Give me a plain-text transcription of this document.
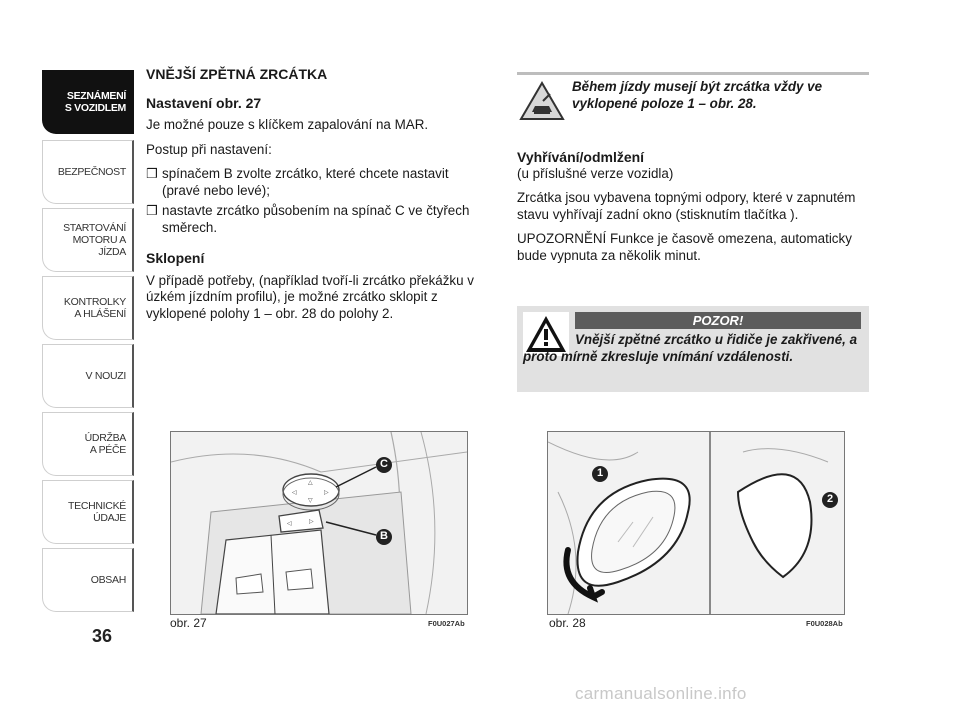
SEZNÁMENÍ
S VOZIDLEM
BEZPEČNOST
STARTOVÁNÍ
MOTORU A JÍZDA
KONTROLKY
A HLÁŠENÍ
V NOUZI
ÚDRŽBA
A PÉČE
TECHNICKÉ
ÚDAJE
OBSAH
36
VNĚJŠÍ ZPĚTNÁ ZRCÁTKA
Nastavení obr. 27
Je možné pouze s klíčkem zapalování na MAR.
Postup při nastavení:
❒ spínačem B zvolte zrcátko, které chcete nastavit (pravé nebo levé);
❒ nastavte zrcátko působením na spínač C ve čtyřech směrech.
Sklopení
V případě potřeby, (například tvoří-li zrcátko překážku v úzkém jízdním profilu), je možné zrcátko sklopit z vyklopené polohy 1 – obr. 28 do polohy 2.
Během jízdy musejí být zrcátka vždy ve vyklopené poloze 1 – obr. 28.
Vyhřívání/odmlžení
(u příslušné verze vozidla)
Zrcátka jsou vybavena topnými odpory, které v zapnutém stavu vyhřívají zadní okno (stisknutím tlačítka ).
UPOZORNĚNÍ Funkce je časově omezena, automaticky bude vypnuta za několik minut.
POZOR!
Vnější zpětné zrcátko u řidiče je zakřivené, a proto mírně zkresluje vnímání vzdálenosti.
△
◁	▷
▽
◁	▷
C
B
obr. 27	F0U027Ab
1
2
obr. 28	F0U028Ab
carmanualsonline.info
